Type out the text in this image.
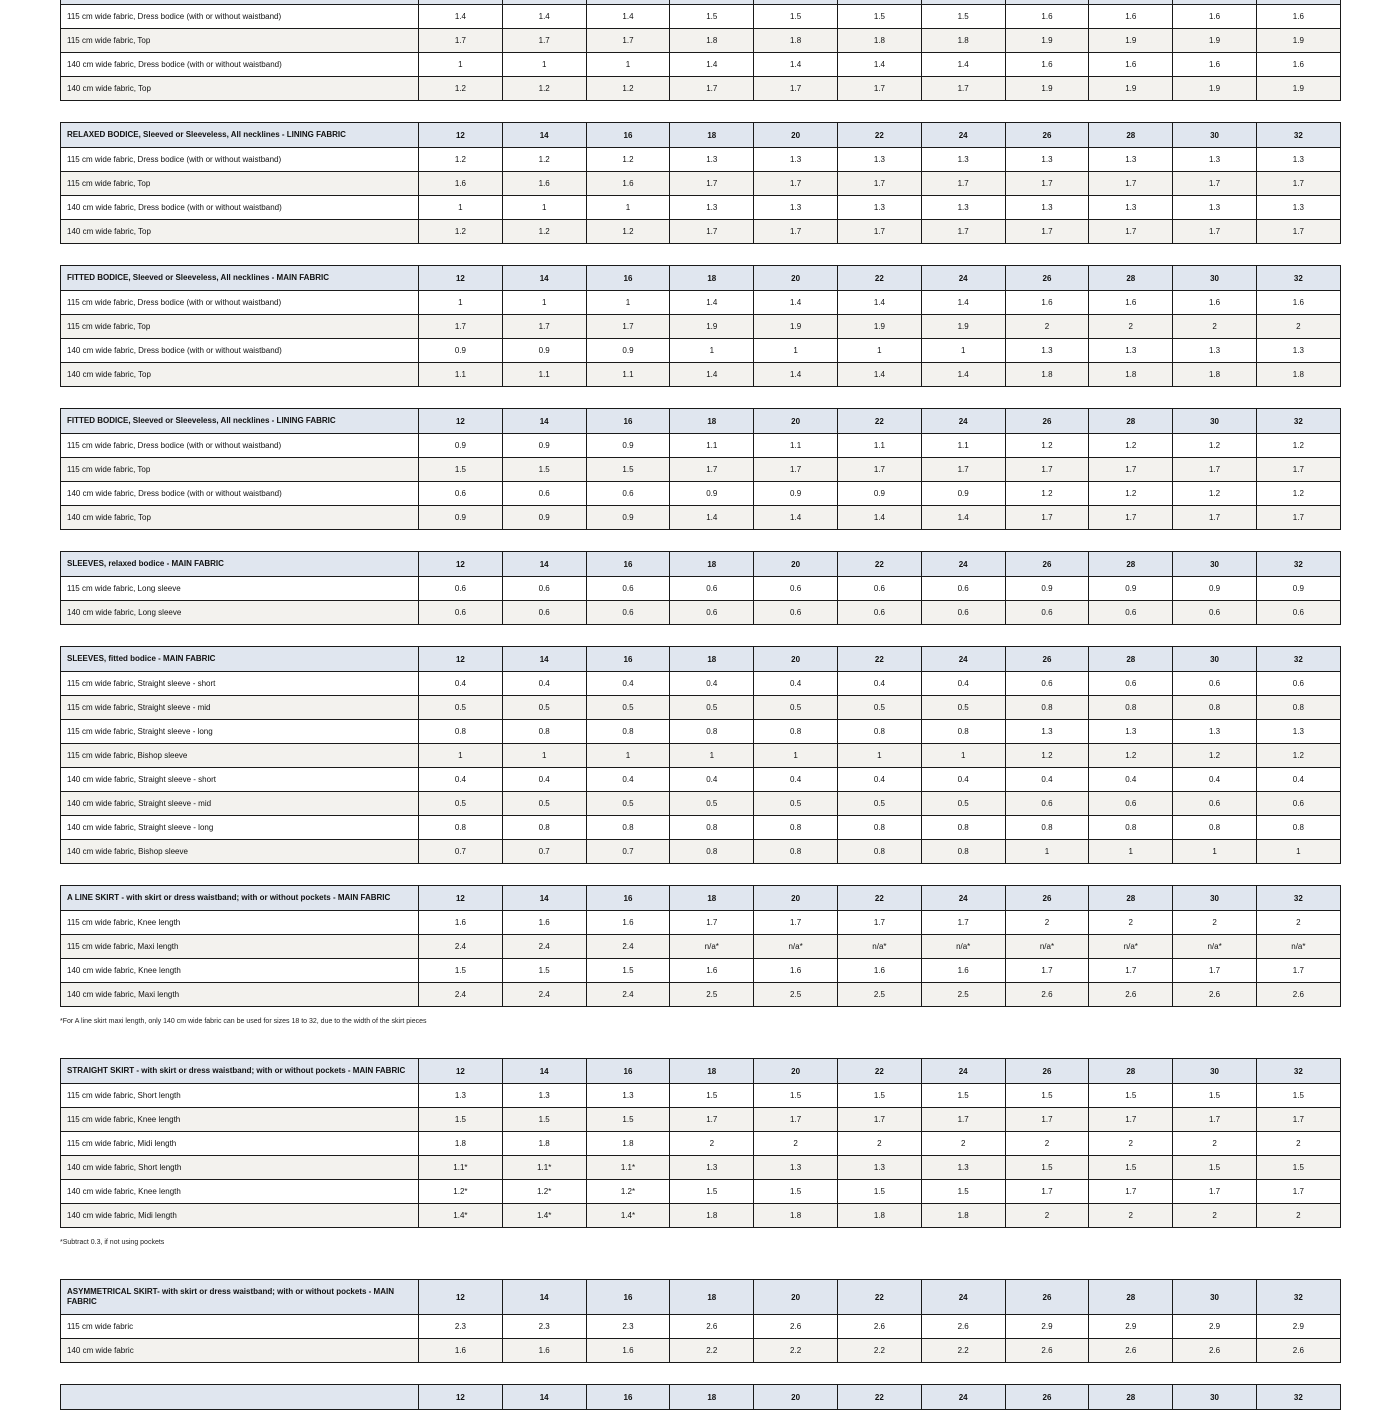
115 cm wide fabric, Dress bodice (with or without waistband)	1.4	1.4	1.4	1.5	1.5	1.5	1.5	1.6	1.6	1.6	1.6
115 cm wide fabric, Top	1.7	1.7	1.7	1.8	1.8	1.8	1.8	1.9	1.9	1.9	1.9
140 cm wide fabric, Dress bodice (with or without waistband)	1	1	1	1.4	1.4	1.4	1.4	1.6	1.6	1.6	1.6
140 cm wide fabric, Top	1.2	1.2	1.2	1.7	1.7	1.7	1.7	1.9	1.9	1.9	1.9
RELAXED BODICE, Sleeved or Sleeveless, All necklines - LINING FABRIC	12	14	16	18	20	22	24	26	28	30	32
115 cm wide fabric, Dress bodice (with or without waistband)	1.2	1.2	1.2	1.3	1.3	1.3	1.3	1.3	1.3	1.3	1.3
115 cm wide fabric, Top	1.6	1.6	1.6	1.7	1.7	1.7	1.7	1.7	1.7	1.7	1.7
140 cm wide fabric, Dress bodice (with or without waistband)	1	1	1	1.3	1.3	1.3	1.3	1.3	1.3	1.3	1.3
140 cm wide fabric, Top	1.2	1.2	1.2	1.7	1.7	1.7	1.7	1.7	1.7	1.7	1.7
FITTED BODICE, Sleeved or Sleeveless, All necklines - MAIN FABRIC	12	14	16	18	20	22	24	26	28	30	32
115 cm wide fabric, Dress bodice (with or without waistband)	1	1	1	1.4	1.4	1.4	1.4	1.6	1.6	1.6	1.6
115 cm wide fabric, Top	1.7	1.7	1.7	1.9	1.9	1.9	1.9	2	2	2	2
140 cm wide fabric, Dress bodice (with or without waistband)	0.9	0.9	0.9	1	1	1	1	1.3	1.3	1.3	1.3
140 cm wide fabric, Top	1.1	1.1	1.1	1.4	1.4	1.4	1.4	1.8	1.8	1.8	1.8
FITTED BODICE, Sleeved or Sleeveless, All necklines - LINING FABRIC	12	14	16	18	20	22	24	26	28	30	32
115 cm wide fabric, Dress bodice (with or without waistband)	0.9	0.9	0.9	1.1	1.1	1.1	1.1	1.2	1.2	1.2	1.2
115 cm wide fabric, Top	1.5	1.5	1.5	1.7	1.7	1.7	1.7	1.7	1.7	1.7	1.7
140 cm wide fabric, Dress bodice (with or without waistband)	0.6	0.6	0.6	0.9	0.9	0.9	0.9	1.2	1.2	1.2	1.2
140 cm wide fabric, Top	0.9	0.9	0.9	1.4	1.4	1.4	1.4	1.7	1.7	1.7	1.7
SLEEVES, relaxed bodice - MAIN FABRIC	12	14	16	18	20	22	24	26	28	30	32
115 cm wide fabric, Long sleeve	0.6	0.6	0.6	0.6	0.6	0.6	0.6	0.9	0.9	0.9	0.9
140 cm wide fabric, Long sleeve	0.6	0.6	0.6	0.6	0.6	0.6	0.6	0.6	0.6	0.6	0.6
SLEEVES, fitted bodice - MAIN FABRIC	12	14	16	18	20	22	24	26	28	30	32
115 cm wide fabric, Straight sleeve - short	0.4	0.4	0.4	0.4	0.4	0.4	0.4	0.6	0.6	0.6	0.6
115 cm wide fabric, Straight sleeve - mid	0.5	0.5	0.5	0.5	0.5	0.5	0.5	0.8	0.8	0.8	0.8
115 cm wide fabric, Straight sleeve - long	0.8	0.8	0.8	0.8	0.8	0.8	0.8	1.3	1.3	1.3	1.3
115 cm wide fabric, Bishop sleeve	1	1	1	1	1	1	1	1.2	1.2	1.2	1.2
140 cm wide fabric, Straight sleeve - short	0.4	0.4	0.4	0.4	0.4	0.4	0.4	0.4	0.4	0.4	0.4
140 cm wide fabric, Straight sleeve - mid	0.5	0.5	0.5	0.5	0.5	0.5	0.5	0.6	0.6	0.6	0.6
140 cm wide fabric, Straight sleeve - long	0.8	0.8	0.8	0.8	0.8	0.8	0.8	0.8	0.8	0.8	0.8
140 cm wide fabric, Bishop sleeve	0.7	0.7	0.7	0.8	0.8	0.8	0.8	1	1	1	1
A LINE SKIRT - with skirt or dress waistband; with or without pockets - MAIN FABRIC	12	14	16	18	20	22	24	26	28	30	32
115 cm wide fabric, Knee length	1.6	1.6	1.6	1.7	1.7	1.7	1.7	2	2	2	2
115 cm wide fabric, Maxi length	2.4	2.4	2.4	n/a*	n/a*	n/a*	n/a*	n/a*	n/a*	n/a*	n/a*
140 cm wide fabric, Knee length	1.5	1.5	1.5	1.6	1.6	1.6	1.6	1.7	1.7	1.7	1.7
140 cm wide fabric, Maxi length	2.4	2.4	2.4	2.5	2.5	2.5	2.5	2.6	2.6	2.6	2.6
*For A line skirt maxi length, only 140 cm wide fabric can be used for sizes 18 to 32, due to the width of the skirt pieces
STRAIGHT SKIRT - with skirt or dress waistband; with or without pockets - MAIN FABRIC	12	14	16	18	20	22	24	26	28	30	32
115 cm wide fabric, Short length	1.3	1.3	1.3	1.5	1.5	1.5	1.5	1.5	1.5	1.5	1.5
115 cm wide fabric, Knee length	1.5	1.5	1.5	1.7	1.7	1.7	1.7	1.7	1.7	1.7	1.7
115 cm wide fabric, Midi length	1.8	1.8	1.8	2	2	2	2	2	2	2	2
140 cm wide fabric, Short length	1.1*	1.1*	1.1*	1.3	1.3	1.3	1.3	1.5	1.5	1.5	1.5
140 cm wide fabric, Knee length	1.2*	1.2*	1.2*	1.5	1.5	1.5	1.5	1.7	1.7	1.7	1.7
140 cm wide fabric, Midi length	1.4*	1.4*	1.4*	1.8	1.8	1.8	1.8	2	2	2	2
*Subtract 0.3, if not using pockets
ASYMMETRICAL SKIRT- with skirt or dress waistband; with or without pockets - MAIN FABRIC	12	14	16	18	20	22	24	26	28	30	32
115 cm wide fabric	2.3	2.3	2.3	2.6	2.6	2.6	2.6	2.9	2.9	2.9	2.9
140 cm wide fabric	1.6	1.6	1.6	2.2	2.2	2.2	2.2	2.6	2.6	2.6	2.6
	12	14	16	18	20	22	24	26	28	30	32
